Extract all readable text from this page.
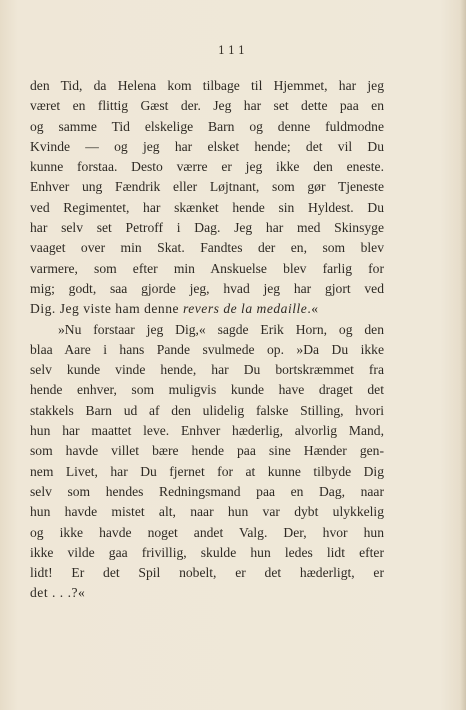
111
den Tid, da Helena kom tilbage til Hjemmet, har jeg
været en flittig Gæst der. Jeg har set dette paa en
og samme Tid elskelige Barn og denne fuldmodne
Kvinde — og jeg har elsket hende; det vil Du
kunne forstaa. Desto værre er jeg ikke den eneste.
Enhver ung Fændrik eller Løjtnant, som gør Tjeneste
ved Regimentet, har skænket hende sin Hyldest. Du
har selv set Petroff i Dag. Jeg har med Skinsyge
vaaget over min Skat. Fandtes der en, som blev
varmere, som efter min Anskuelse blev farlig for
mig; godt, saa gjorde jeg, hvad jeg har gjort ved
Dig. Jeg viste ham denne revers de la medaille.«
»Nu forstaar jeg Dig,« sagde Erik Horn, og den
blaa Aare i hans Pande svulmede op. »Da Du ikke
selv kunde vinde hende, har Du bortskræmmet fra
hende enhver, som muligvis kunde have draget det
stakkels Barn ud af den ulidelig falske Stilling, hvori
hun har maattet leve. Enhver hæderlig, alvorlig Mand,
som havde villet bære hende paa sine Hænder gen-
nem Livet, har Du fjernet for at kunne tilbyde Dig
selv som hendes Redningsmand paa en Dag, naar
hun havde mistet alt, naar hun var dybt ulykkelig
og ikke havde noget andet Valg. Der, hvor hun
ikke vilde gaa frivillig, skulde hun ledes lidt efter
lidt! Er det Spil nobelt, er det hæderligt, er
det . . .?«
